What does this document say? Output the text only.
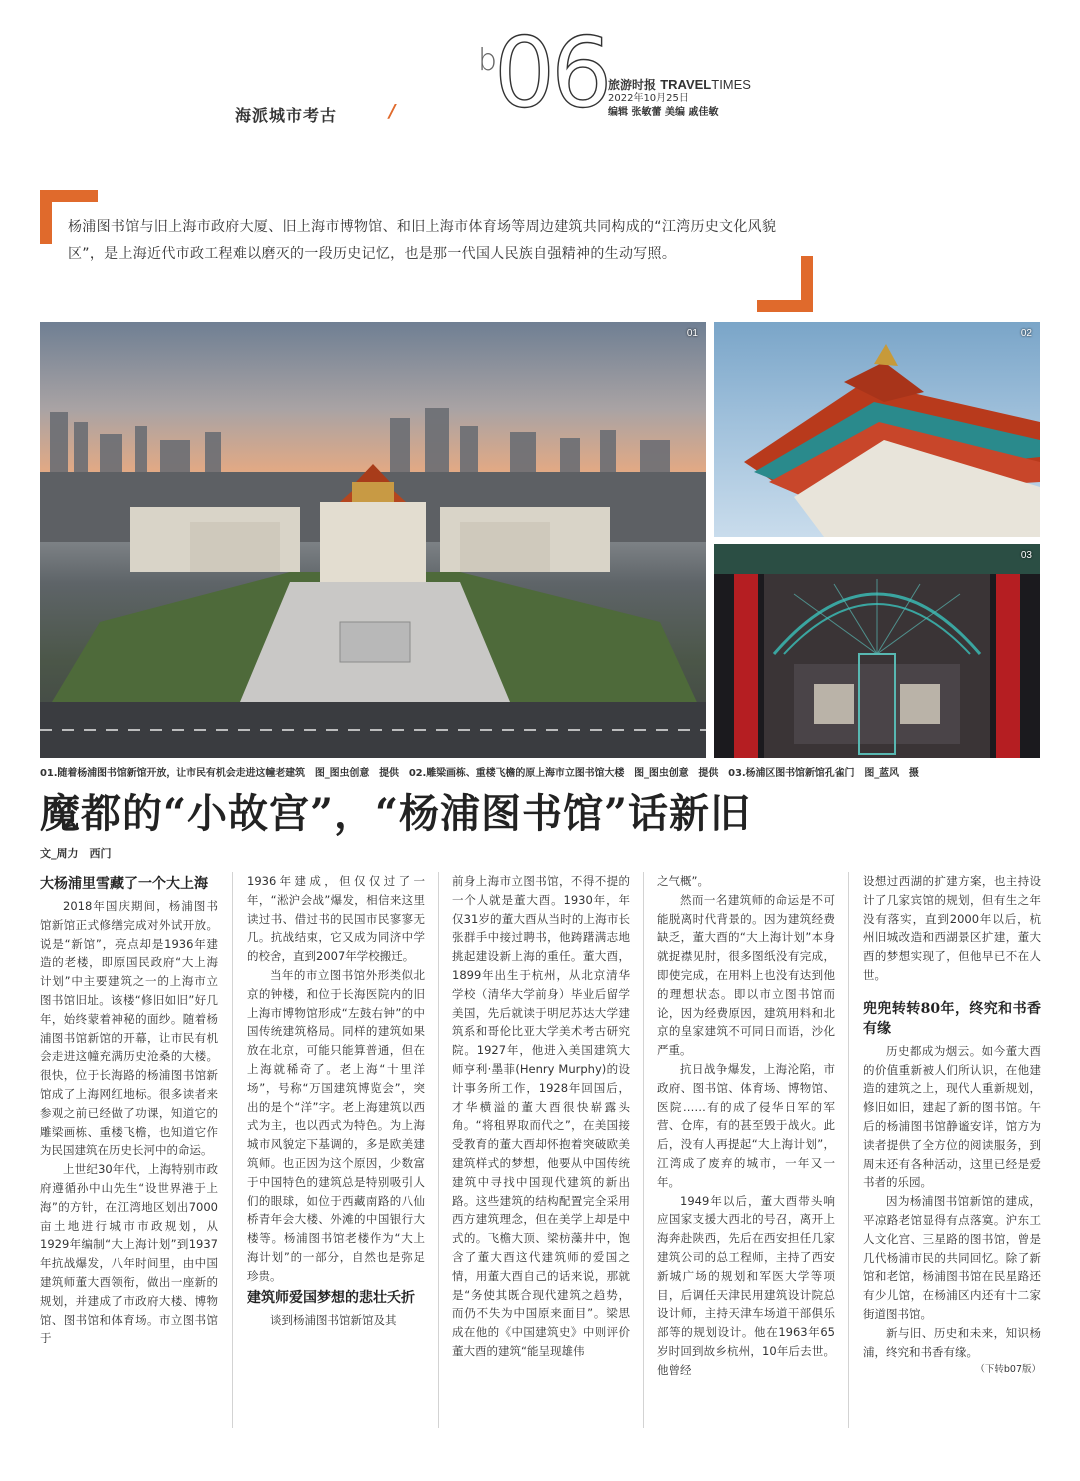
海派城市考古	/
b
06 旅游时报 TRAVELTIMES
2022年10月25日
编辑 张敏蕾 美编 戚佳敏

杨浦图书馆与旧上海市政府大厦、旧上海市博物馆、和旧上海市体育场等周边建筑共同构成的“江湾历史文化风貌区”，是上海近代市政工程难以磨灭的一段历史记忆，也是那一代国人民族自强精神的生动写照。

01	02
03
01.随着杨浦图书馆新馆开放，让市民有机会走进这幢老建筑　图_图虫创意　提供　02.雕梁画栋、重楼飞檐的原上海市立图书馆大楼　图_图虫创意　提供　03.杨浦区图书馆新馆孔雀门　图_蓝风　摄
魔都的“小故宫”，“杨浦图书馆”话新旧
文_周力　西门
大杨浦里雪藏了一个大上海

2018年国庆期间，杨浦图书馆新馆正式修缮完成对外试开放。说是“新馆”，亮点却是1936年建造的老楼，即原国民政府“大上海计划”中主要建筑之一的上海市立图书馆旧址。该楼“修旧如旧”好几年，始终蒙着神秘的面纱。随着杨浦图书馆新馆的开幕，让市民有机会走进这幢充满历史沧桑的大楼。很快，位于长海路的杨浦图书馆新馆成了上海网红地标。很多读者来参观之前已经做了功课，知道它的雕梁画栋、重楼飞檐，也知道它作为民国建筑在历史长河中的命运。

上世纪30年代，上海特别市政府遵循孙中山先生“设世界港于上海”的方针，在江湾地区划出7000亩土地进行城市市政规划，从1929年编制“大上海计划”到1937年抗战爆发，八年时间里，由中国建筑师董大酉领衔，做出一座新的规划，并建成了市政府大楼、博物馆、图书馆和体育场。市立图书馆于

1936年建成，但仅仅过了一年，“淞沪会战”爆发，相信来这里读过书、借过书的民国市民寥寥无几。抗战结束，它又成为同济中学的校舍，直到2007年学校搬迁。

当年的市立图书馆外形类似北京的钟楼，和位于长海医院内的旧上海市博物馆形成“左鼓右钟”的中国传统建筑格局。同样的建筑如果放在北京，可能只能算普通，但在上海就稀奇了。老上海“十里洋场”，号称“万国建筑博览会”，突出的是个“洋”字。老上海建筑以西式为主，也以西式为特色。为上海城市风貌定下基调的，多是欧美建筑师。也正因为这个原因，少数富于中国特色的建筑总是特别吸引人们的眼球，如位于西藏南路的八仙桥青年会大楼、外滩的中国银行大楼等。杨浦图书馆老楼作为“大上海计划”的一部分，自然也是弥足珍贵。

建筑师爱国梦想的悲壮夭折

谈到杨浦图书馆新馆及其

前身上海市立图书馆，不得不提的一个人就是董大酉。1930年，年仅31岁的董大酉从当时的上海市长张群手中接过聘书，他踌躇满志地挑起建设新上海的重任。董大酉，1899年出生于杭州，从北京清华学校（清华大学前身）毕业后留学美国，先后就读于明尼苏达大学建筑系和哥伦比亚大学美术考古研究院。1927年，他进入美国建筑大师亨利·墨菲(Henry Murphy)的设计事务所工作，1928年回国后，才华横溢的董大酉很快崭露头角。“将租界取而代之”，在美国接受教育的董大酉却怀抱着突破欧美建筑样式的梦想，他要从中国传统建筑中寻找中国现代建筑的新出路。这些建筑的结构配置完全采用西方建筑理念，但在美学上却是中式的。飞檐大顶、梁枋藻井中，饱含了董大酉这代建筑师的爱国之情，用董大酉自己的话来说，那就是“务使其既合现代建筑之趋势，而仍不失为中国原来面目”。梁思成在他的《中国建筑史》中则评价董大酉的建筑“能呈现雄伟

之气概”。

然而一名建筑师的命运是不可能脱离时代背景的。因为建筑经费缺乏，董大酉的“大上海计划”本身就捉襟见肘，很多图纸没有完成，即使完成，在用料上也没有达到他的理想状态。即以市立图书馆而论，因为经费原因，建筑用料和北京的皇家建筑不可同日而语，沙化严重。

抗日战争爆发，上海沦陷，市政府、图书馆、体育场、博物馆、医院……有的成了侵华日军的军营、仓库，有的甚至毁于战火。此后，没有人再提起“大上海计划”，江湾成了废弃的城市，一年又一年。

1949年以后，董大酉带头响应国家支援大西北的号召，离开上海奔赴陕西，先后在西安担任几家建筑公司的总工程师，主持了西安新城广场的规划和军医大学等项目，后调任天津民用建筑设计院总设计师，主持天津车场道干部俱乐部等的规划设计。他在1963年65岁时回到故乡杭州，10年后去世。他曾经

设想过西湖的扩建方案，也主持设计了几家宾馆的规划，但有生之年没有落实，直到2000年以后，杭州旧城改造和西湖景区扩建，董大酉的梦想实现了，但他早已不在人世。

兜兜转转80年，终究和书香有缘

历史都成为烟云。如今董大酉的价值重新被人们所认识，在他建造的建筑之上，现代人重新规划，修旧如旧，建起了新的图书馆。午后的杨浦图书馆静谧安详，馆方为读者提供了全方位的阅读服务，到周末还有各种活动，这里已经是爱书者的乐园。

因为杨浦图书馆新馆的建成，平凉路老馆显得有点落寞。沪东工人文化宫、三星路的图书馆，曾是几代杨浦市民的共同回忆。除了新馆和老馆，杨浦图书馆在民星路还有少儿馆，在杨浦区内还有十二家街道图书馆。

新与旧、历史和未来，知识杨浦，终究和书香有缘。

（下转b07版）
